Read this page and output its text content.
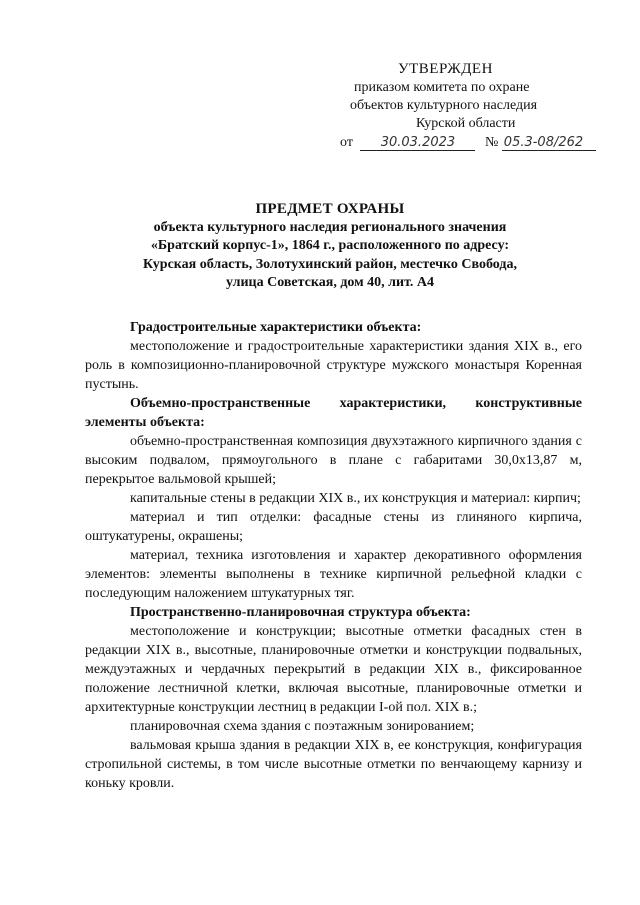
УТВЕРЖДЕН
приказом комитета по охране
объектов культурного наследия
Курской области
от 30.03.2023 № 05.3-08/262
ПРЕДМЕТ ОХРАНЫ
объекта культурного наследия регионального значения
«Братский корпус-1», 1864 г., расположенного по адресу:
Курская область, Золотухинский район, местечко Свобода,
улица Советская, дом 40, лит. А4

Градостроительные характеристики объекта:

местоположение и градостроительные характеристики здания XIX в., его роль в композиционно-планировочной структуре мужского монастыря Коренная пустынь.

Объемно-пространственные характеристики, конструктивные элементы объекта:

объемно-пространственная композиция двухэтажного кирпичного здания с высоким подвалом, прямоугольного в плане с габаритами 30,0х13,87 м, перекрытое вальмовой крышей;

капитальные стены в редакции XIX в., их конструкция и материал: кирпич;

материал и тип отделки: фасадные стены из глиняного кирпича, оштукатурены, окрашены;

материал, техника изготовления и характер декоративного оформления элементов: элементы выполнены в технике кирпичной рельефной кладки с последующим наложением штукатурных тяг.

Пространственно-планировочная структура объекта:

местоположение и конструкции; высотные отметки фасадных стен в редакции XIX в., высотные, планировочные отметки и конструкции подвальных, междуэтажных и чердачных перекрытий в редакции XIX в., фиксированное положение лестничной клетки, включая высотные, планировочные отметки и архитектурные конструкции лестниц в редакции I-ой пол. XIX в.;

планировочная схема здания с поэтажным зонированием;

вальмовая крыша здания в редакции XIX в, ее конструкция, конфигурация стропильной системы, в том числе высотные отметки по венчающему карнизу и коньку кровли.
